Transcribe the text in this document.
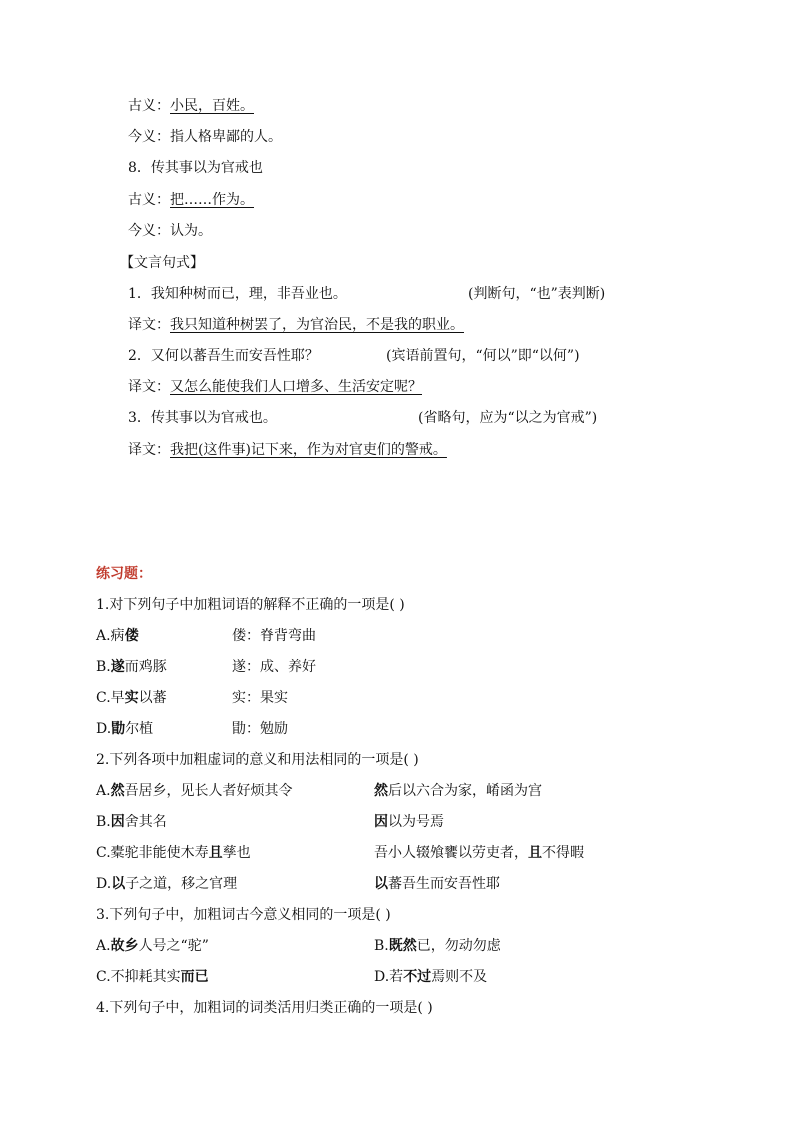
古义：小民，百姓。
今义：指人格卑鄙的人。
8．传其事以为官戒也
古义：把……作为。
今义：认为。
【文言句式】
1．我知种树而已，理，非吾业也。	(判断句，“也”表判断)
译文：我只知道种树罢了，为官治民，不是我的职业。
2．又何以蕃吾生而安吾性耶？	(宾语前置句，“何以”即“以何”)
译文：又怎么能使我们人口增多、生活安定呢？
3．传其事以为官戒也。	(省略句，应为“以之为官戒”)
译文：我把(这件事)记下来，作为对官吏们的警戒。
练习题：
1.对下列句子中加粗词语的解释不正确的一项是( )
A.病偻	偻：脊背弯曲
B.遂而鸡豚	遂：成、养好
C.早实以蕃	实：果实
D.勖尔植	勖：勉励
2.下列各项中加粗虚词的意义和用法相同的一项是( )
A.然吾居乡，见长人者好烦其令	然后以六合为家，崤函为宫
B.因舍其名	因以为号焉
C.橐驼非能使木寿且孳也	吾小人辍飧饔以劳吏者，且不得暇
D.以子之道，移之官理	以蕃吾生而安吾性耶
3.下列句子中，加粗词古今意义相同的一项是( )
A.故乡人号之“驼”	B.既然已，勿动勿虑
C.不抑耗其实而已	D.若不过焉则不及
4.下列句子中，加粗词的词类活用归类正确的一项是( )
